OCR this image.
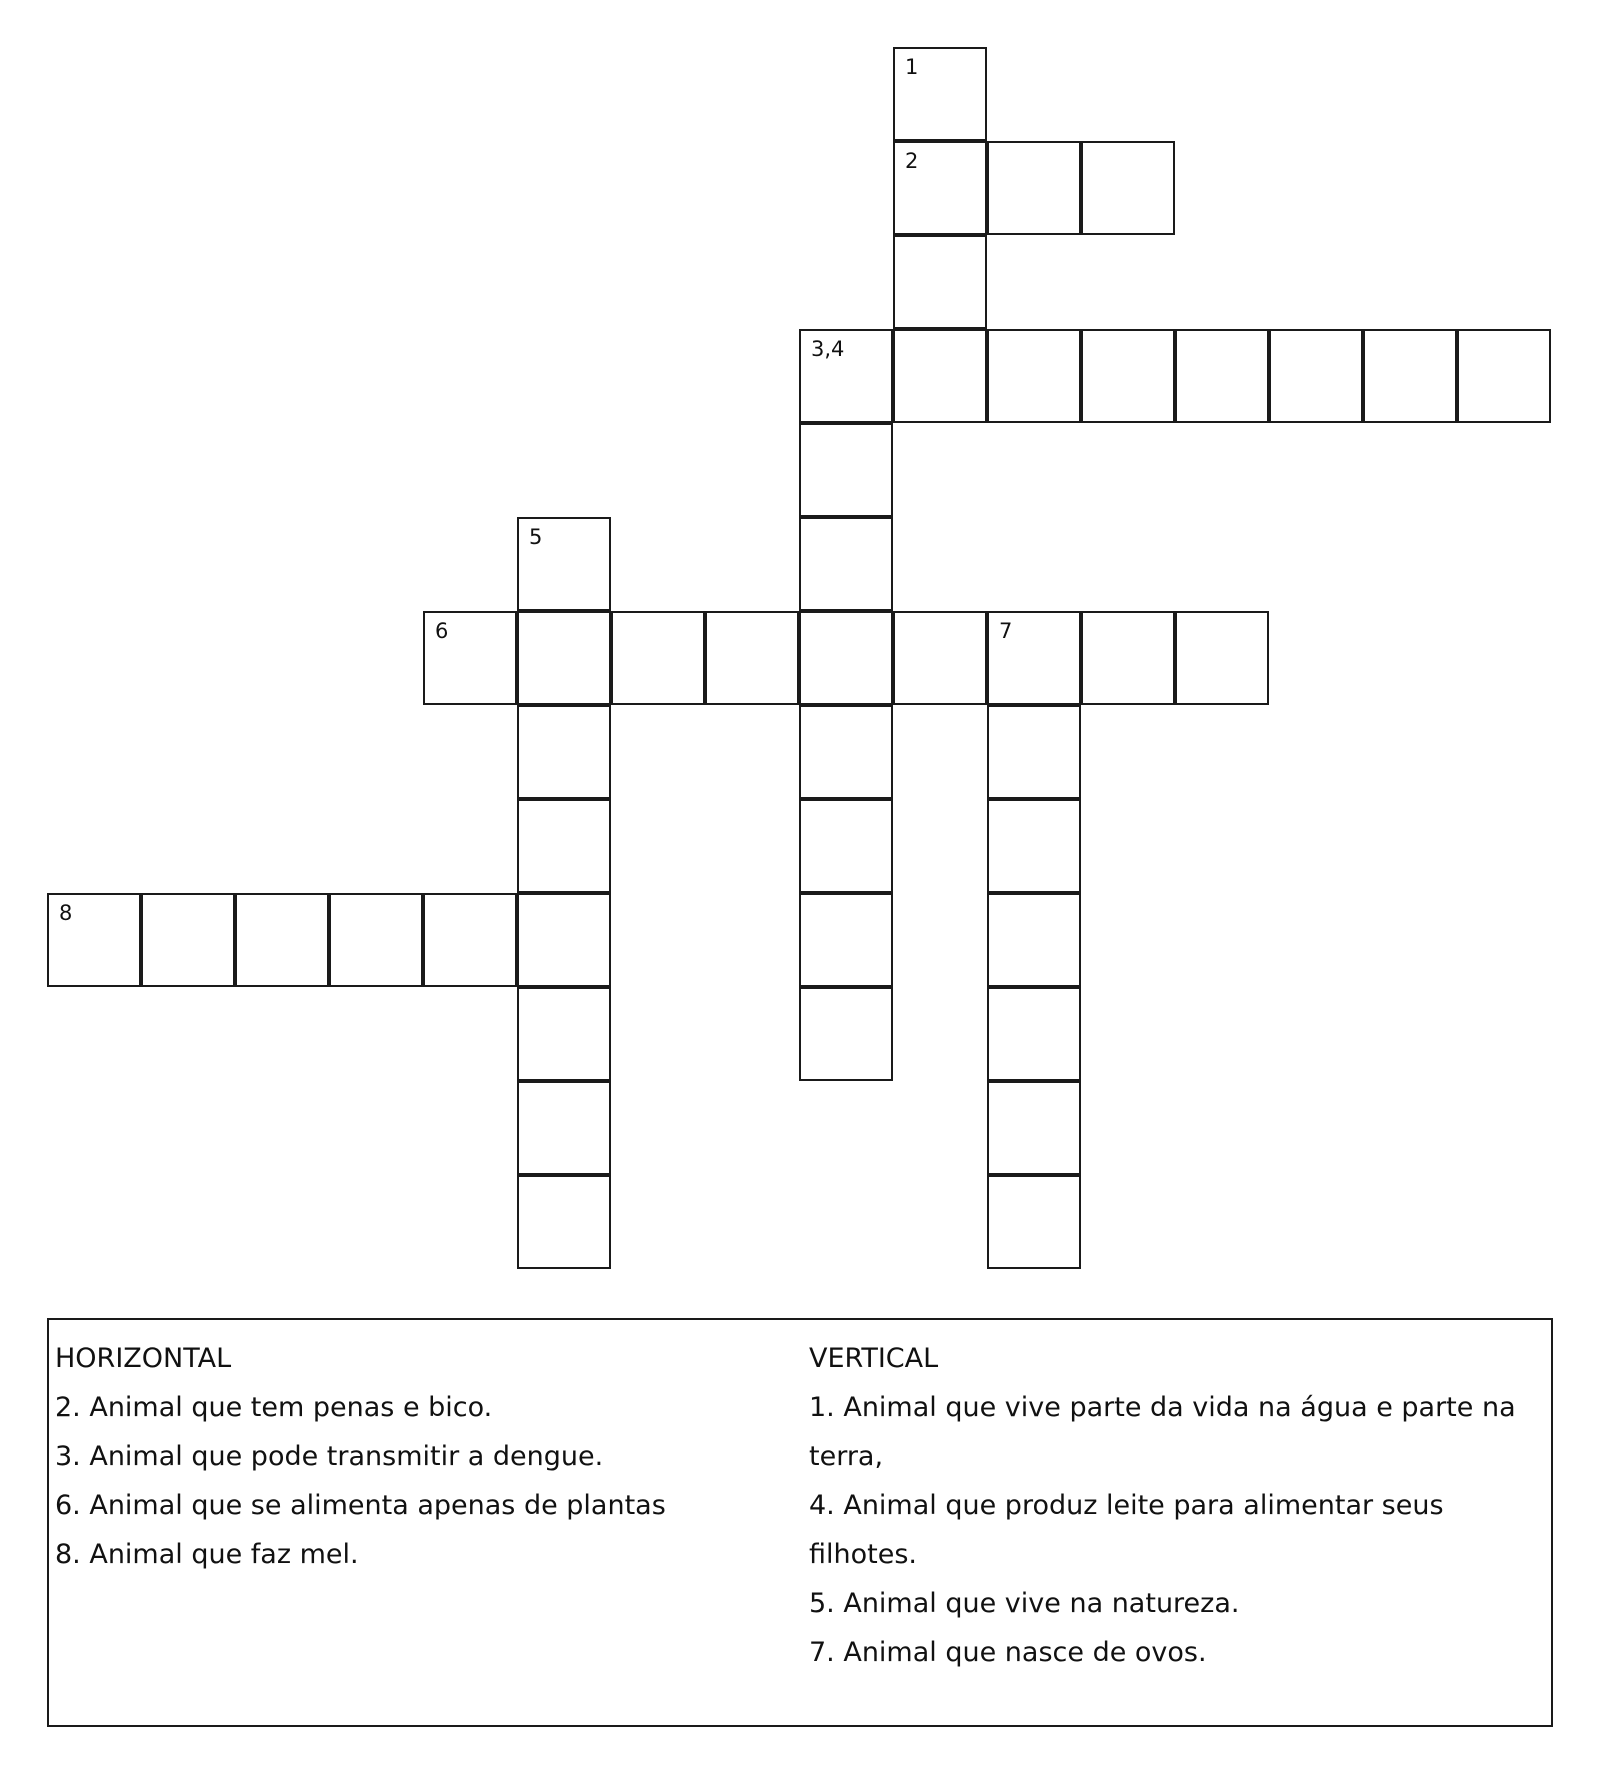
1
2
3,4
5
6	7
8
HORIZONTAL
2. Animal que tem penas e bico.
3. Animal que pode transmitir a dengue.
6. Animal que se alimenta apenas de plantas
8. Animal que faz mel.
VERTICAL
1. Animal que vive parte da vida na água e parte na terra,
4. Animal que produz leite para alimentar seus filhotes.
5. Animal que vive na natureza.
7. Animal que nasce de ovos.
